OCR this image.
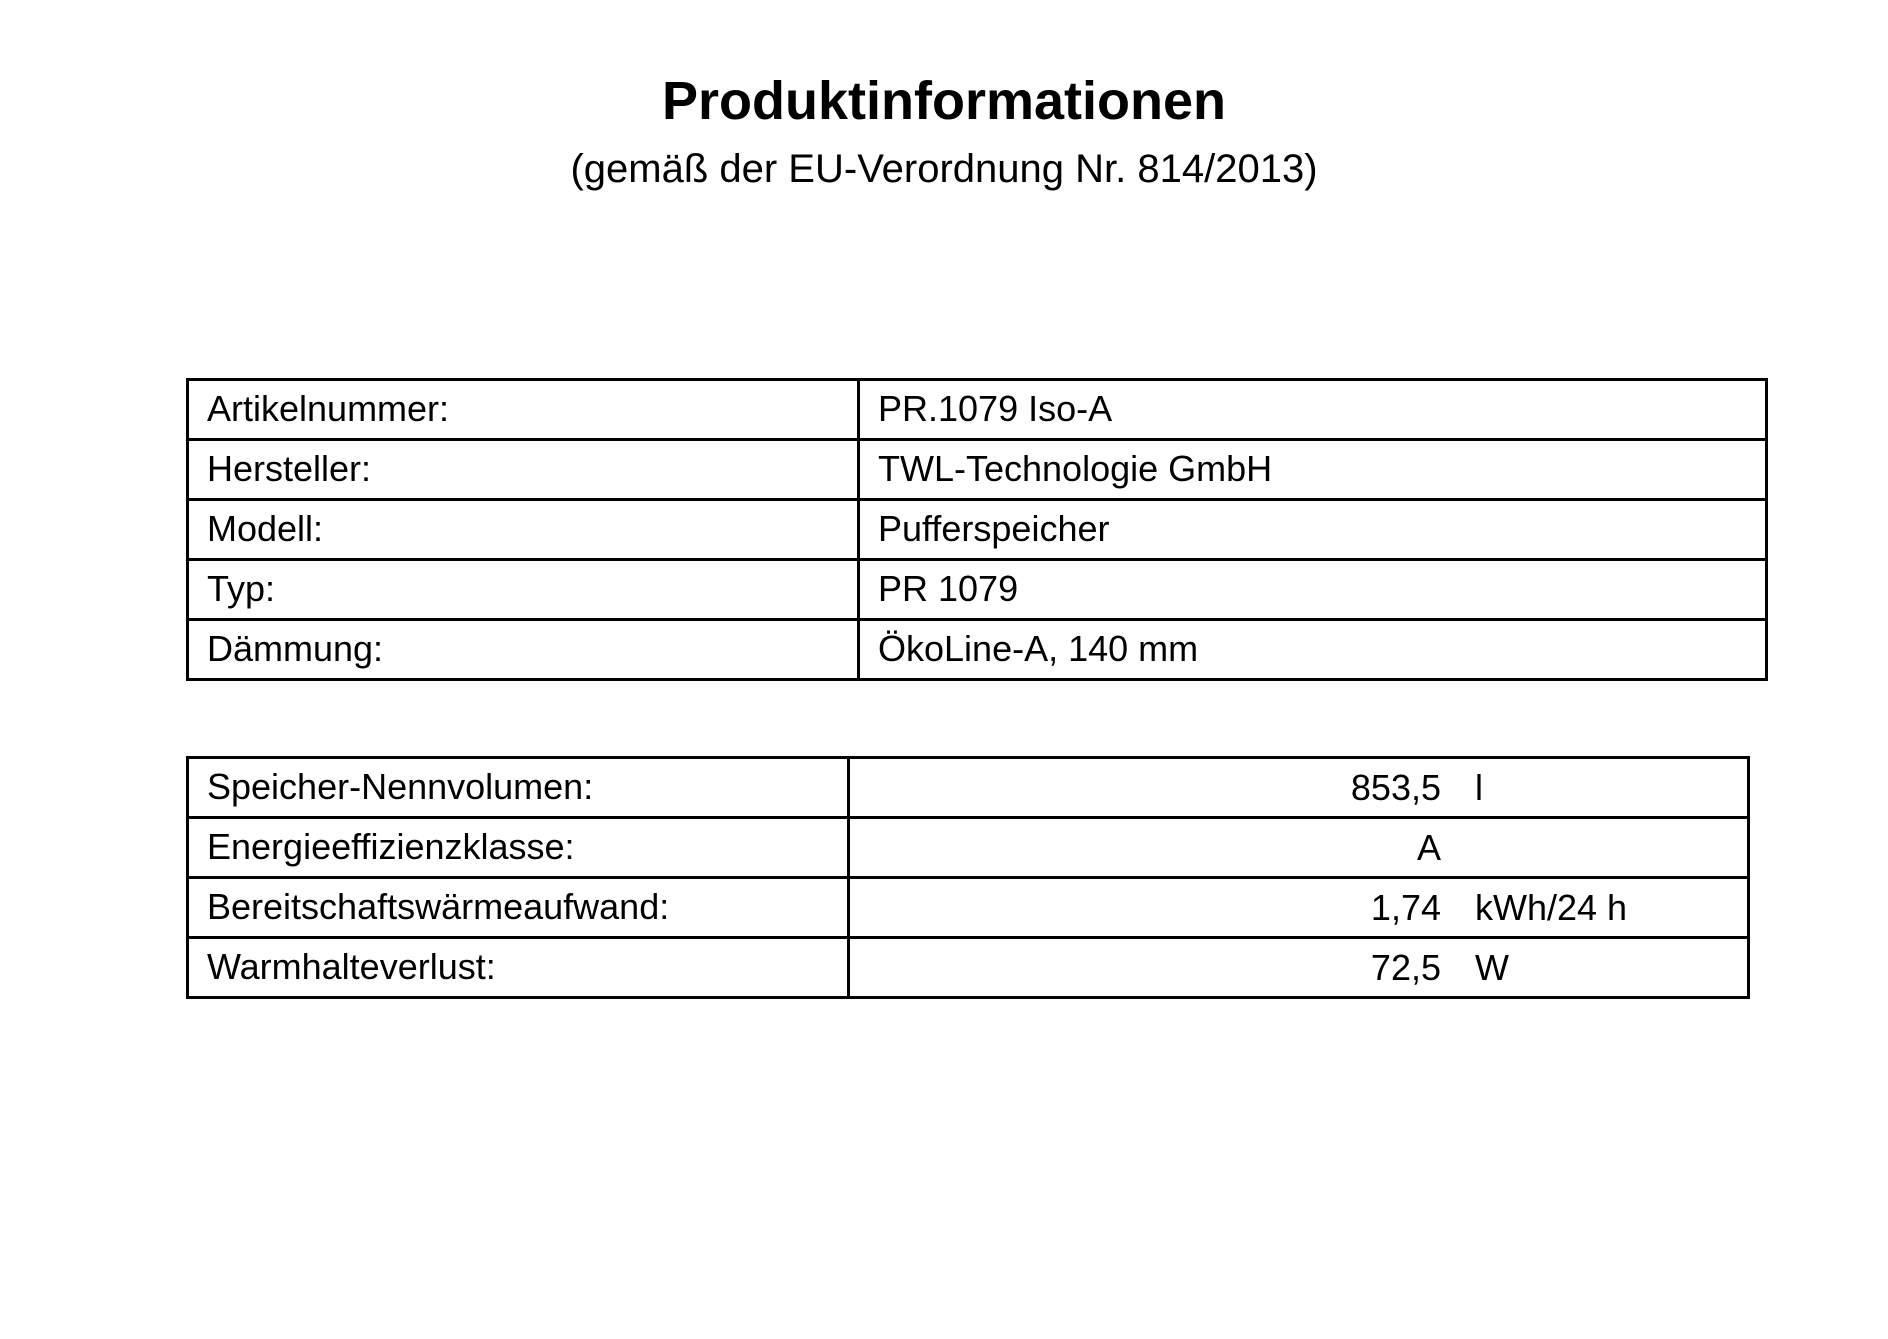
Produktinformationen
(gemäß der EU-Verordnung Nr. 814/2013)
Artikelnummer:	PR.1079 Iso-A
Hersteller:	TWL-Technologie GmbH
Modell:	Pufferspeicher
Typ:	PR 1079
Dämmung:	ÖkoLine-A, 140 mm
Speicher-Nennvolumen:	853,5 l

Energieeffizienzklasse:	A

Bereitschaftswärmeaufwand:	1,74 kWh/24 h

Warmhalteverlust:	72,5 W
